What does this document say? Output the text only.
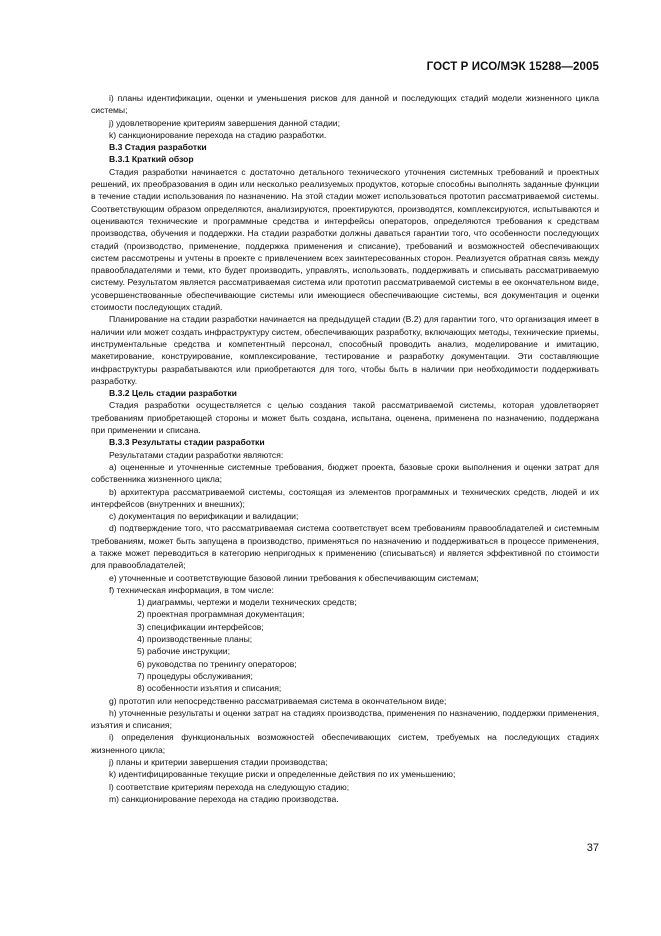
ГОСТ Р ИСО/МЭК 15288—2005

i) планы идентификации, оценки и уменьшения рисков для данной и последующих стадий модели жизненного цикла системы;

j) удовлетворение критериям завершения данной стадии;

k) санкционирование перехода на стадию разработки.

В.3 Стадия разработки

В.3.1 Краткий обзор

Стадия разработки начинается с достаточно детального технического уточнения системных требований и проектных решений, их преобразования в один или несколько реализуемых продуктов, которые способны выполнять заданные функции в течение стадии использования по назначению. На этой стадии может использоваться прототип рассматриваемой системы. Соответствующим образом определяются, анализируются, проектируются, производятся, комплексируются, испытываются и оцениваются технические и программные средства и интерфейсы операторов, определяются требования к средствам производства, обучения и поддержки. На стадии разработки должны даваться гарантии того, что особенности последующих стадий (производство, применение, поддержка применения и списание), требований и возможностей обеспечивающих систем рассмотрены и учтены в проекте с привлечением всех заинтересованных сторон. Реализуется обратная связь между правообладателями и теми, кто будет производить, управлять, использовать, поддерживать и списывать рассматриваемую систему. Результатом является рассматриваемая система или прототип рассматриваемой системы в ее окончательном виде, усовершенствованные обеспечивающие системы или имеющиеся обеспечивающие системы, вся документация и оценки стоимости последующих стадий.

Планирование на стадии разработки начинается на предыдущей стадии (В.2) для гарантии того, что организация имеет в наличии или может создать инфраструктуру систем, обеспечивающих разработку, включающих методы, технические приемы, инструментальные средства и компетентный персонал, способный проводить анализ, моделирование и имитацию, макетирование, конструирование, комплексирование, тестирование и разработку документации. Эти составляющие инфраструктуры разрабатываются или приобретаются для того, чтобы быть в наличии при необходимости поддерживать разработку.

В.3.2 Цель стадии разработки

Стадия разработки осуществляется с целью создания такой рассматриваемой системы, которая удовлетворяет требованиям приобретающей стороны и может быть создана, испытана, оценена, применена по назначению, поддержана при применении и списана.

В.3.3 Результаты стадии разработки

Результатами стадии разработки являются:

a) оцененные и уточненные системные требования, бюджет проекта, базовые сроки выполнения и оценки затрат для собственника жизненного цикла;

b) архитектура рассматриваемой системы, состоящая из элементов программных и технических средств, людей и их интерфейсов (внутренних и внешних);

c) документация по верификации и валидации;

d) подтверждение того, что рассматриваемая система соответствует всем требованиям правообладателей и системным требованиям, может быть запущена в производство, применяться по назначению и поддерживаться в процессе применения, а также может переводиться в категорию непригодных к применению (списываться) и является эффективной по стоимости для правообладателей;

e) уточненные и соответствующие базовой линии требования к обеспечивающим системам;

f) техническая информация, в том числе:

1) диаграммы, чертежи и модели технических средств;

2) проектная программная документация;

3) спецификации интерфейсов;

4) производственные планы;

5) рабочие инструкции;

6) руководства по тренингу операторов;

7) процедуры обслуживания;

8) особенности изъятия и списания;

g) прототип или непосредственно рассматриваемая система в окончательном виде;

h) уточненные результаты и оценки затрат на стадиях производства, применения по назначению, поддержки применения, изъятия и списания;

i) определения функциональных возможностей обеспечивающих систем, требуемых на последующих стадиях жизненного цикла;

j) планы и критерии завершения стадии производства;

k) идентифицированные текущие риски и определенные действия по их уменьшению;

l) соответствие критериям перехода на следующую стадию;

m) санкционирование перехода на стадию производства.

37
